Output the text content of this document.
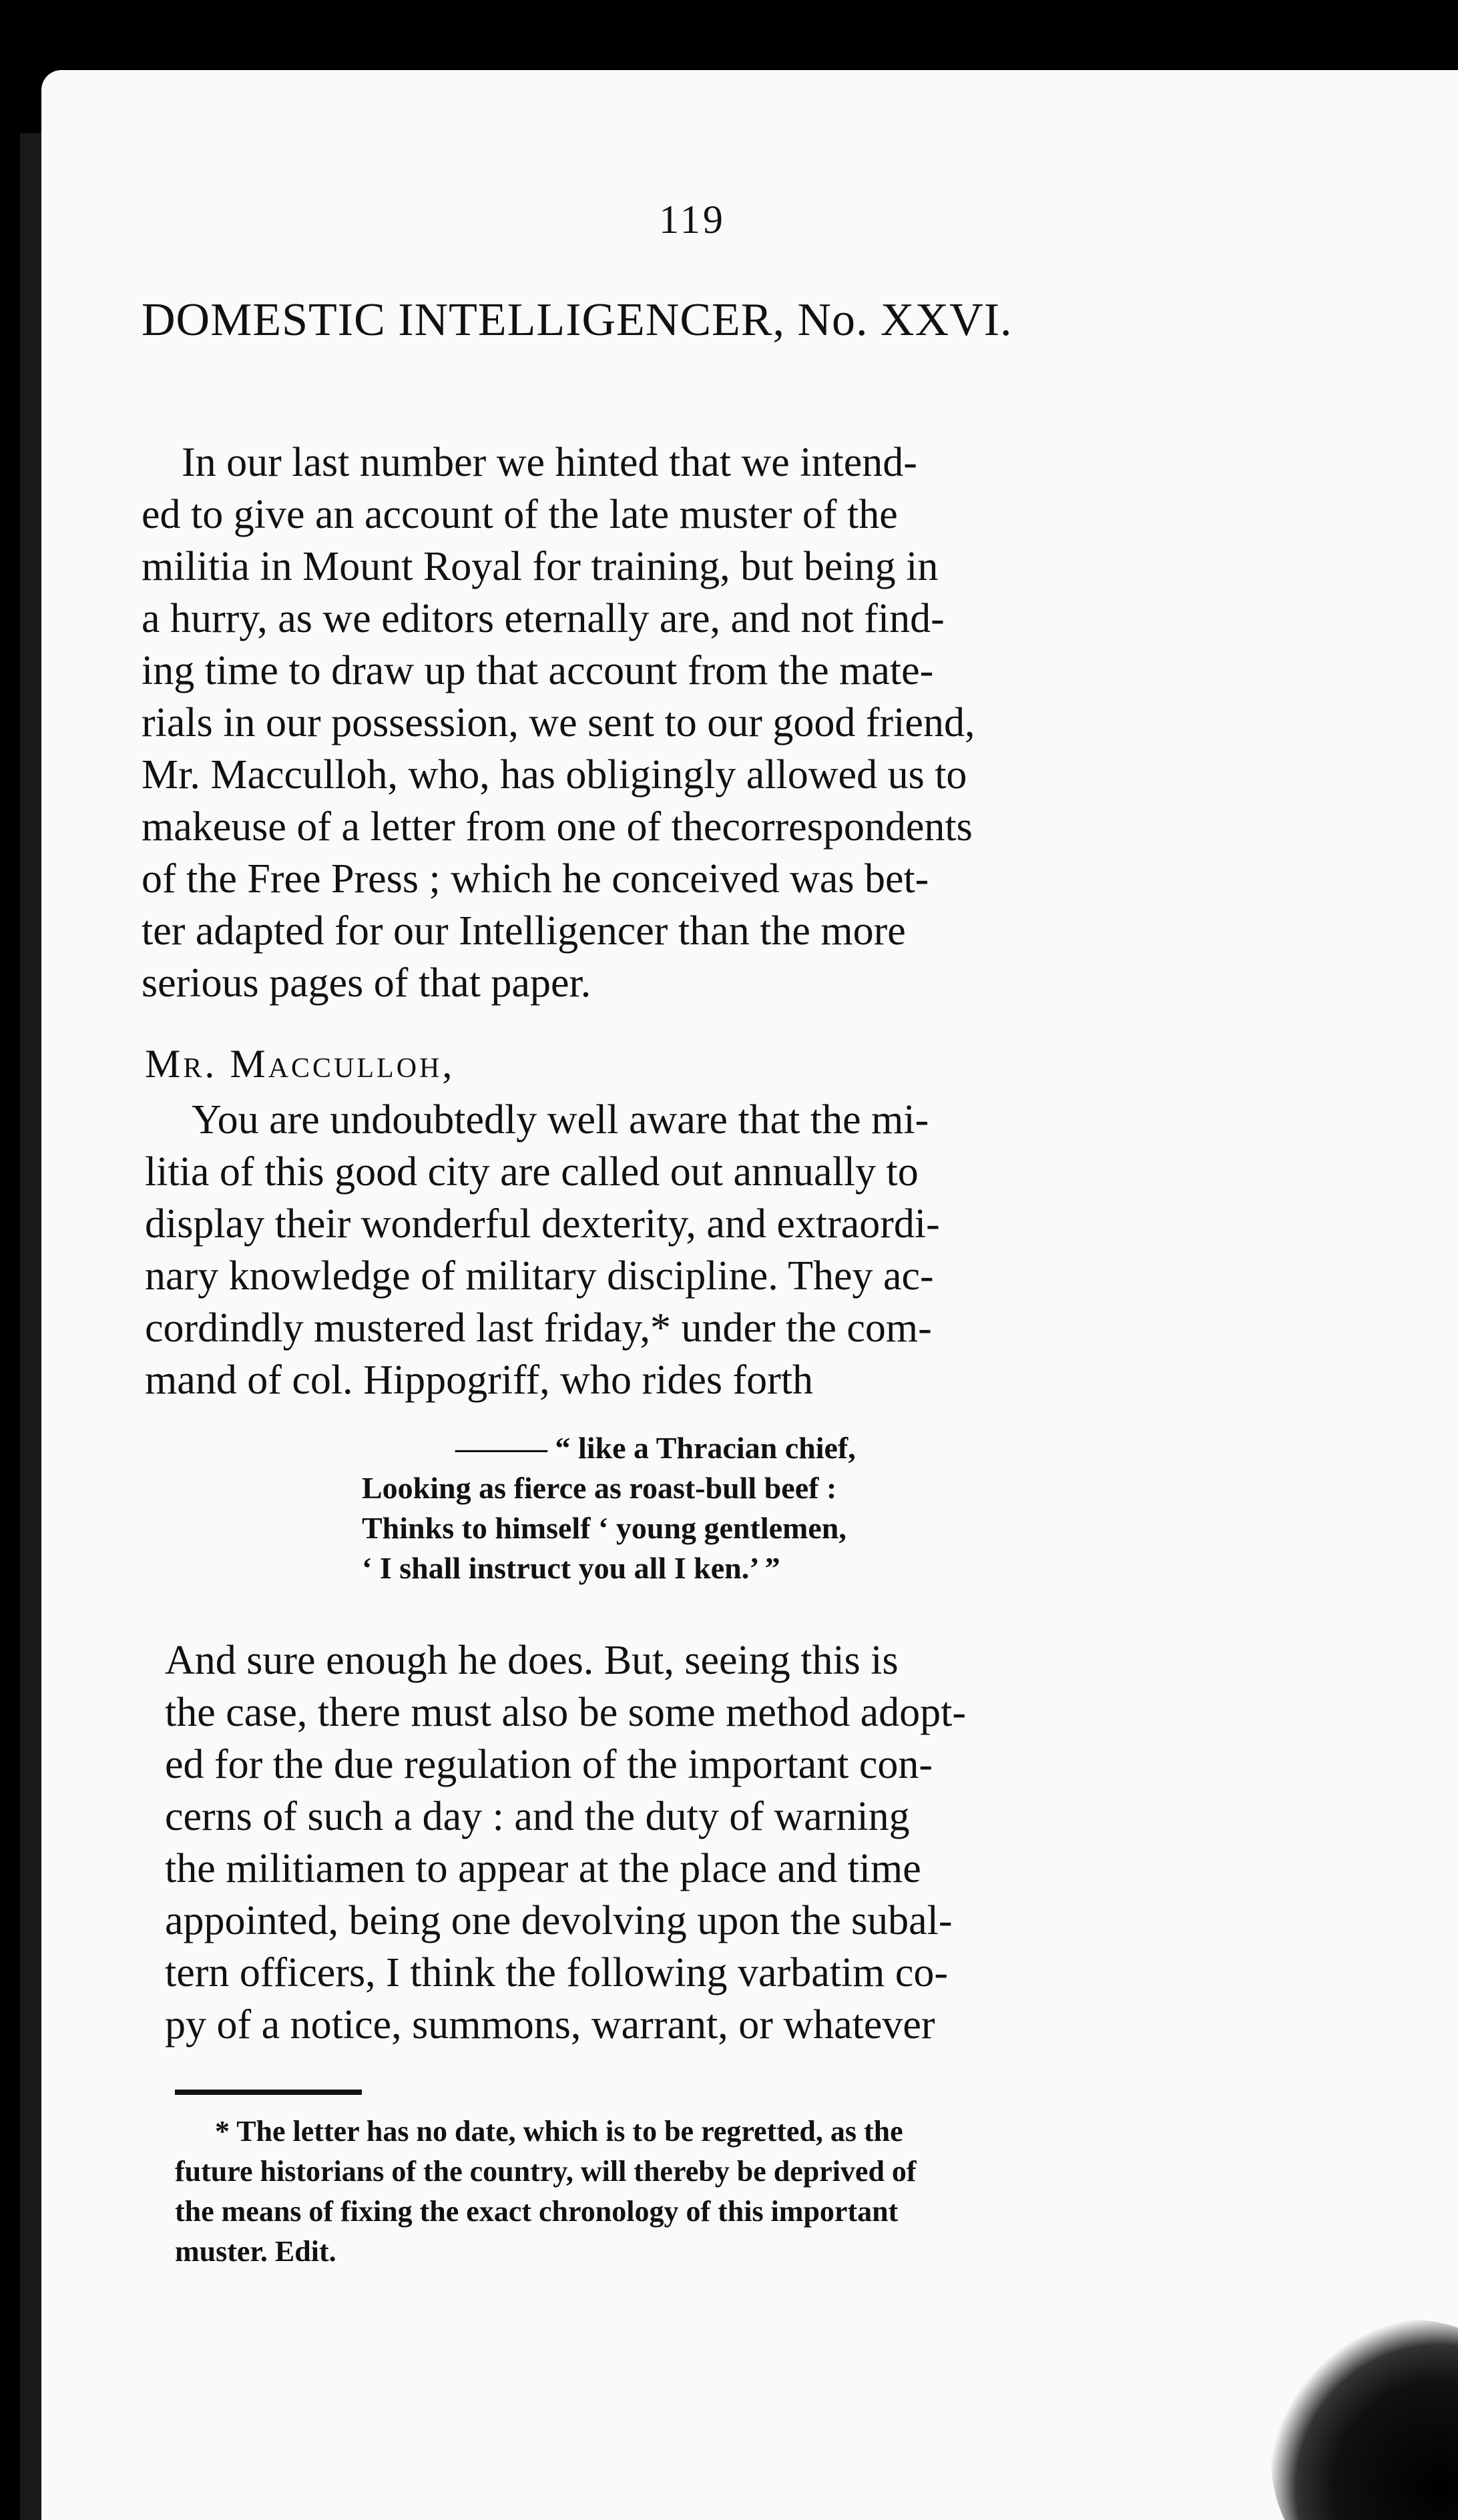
119
DOMESTIC INTELLIGENCER, No. XXVI.
In our last number we hinted that we intend-
ed to give an account of the late muster of the
militia in Mount Royal for training, but being in
a hurry, as we editors eternally are, and not find-
ing time to draw up that account from the mate-
rials in our possession, we sent to our good friend,
Mr. Macculloh, who, has obligingly allowed us to
makeuse of a letter from one of thecorrespondents
of the Free Press ; which he conceived was bet-
ter adapted for our Intelligencer than the more
serious pages of that paper.
Mr. Macculloh,
You are undoubtedly well aware that the mi-
litia of this good city are called out annually to
display their wonderful dexterity, and extraordi-
nary knowledge of military discipline. They ac-
cordindly mustered last friday,* under the com-
mand of col. Hippogriff, who rides forth
——— “ like a Thracian chief,
Looking as fierce as roast-bull beef :
Thinks to himself ‘ young gentlemen,
‘ I shall instruct you all I ken.’ ”
And sure enough he does. But, seeing this is
the case, there must also be some method adopt-
ed for the due regulation of the important con-
cerns of such a day : and the duty of warning
the militiamen to appear at the place and time
appointed, being one devolving upon the subal-
tern officers, I think the following varbatim co-
py of a notice, summons, warrant, or whatever
* The letter has no date, which is to be regretted, as the
future historians of the country, will thereby be deprived of
the means of fixing the exact chronology of this important
muster. Edit.
